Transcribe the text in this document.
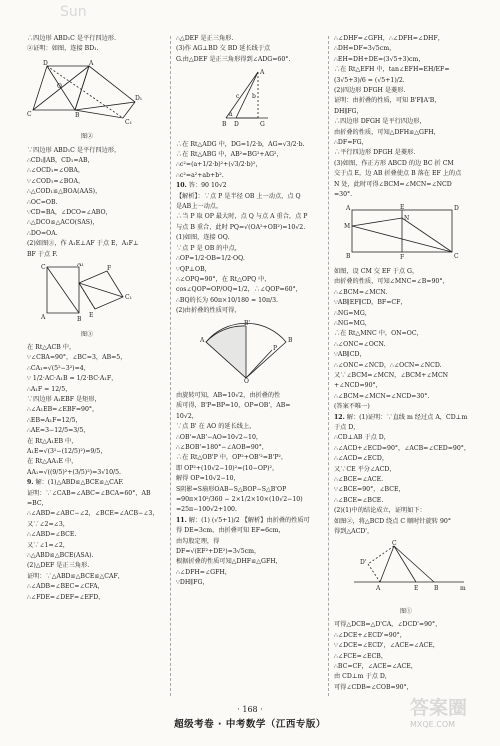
Sun

∴四边形 ABD₁C 是平行四边形.

②证明：如图，连接 BD₁.

D	A
C	B
O
D₁
C₁
图②

∵四边形 ABD₁C 是平行四边形，

∴CD₁∥AB，CD₁=AB，

∴∠OCD₁=∠OBA，

∵∠COD₁=∠BOA，

∴△COD₁≌△BOA(AAS)，

∴OC=OB.

∵CD=BA，∠DCO=∠ABO，

∴△DCO≌△ACO(SAS)，

∴DO=OA.

(2)如图③，作 A₁E⊥AF 于点 E，A₁F⊥

BF 于点 F.

C	A₁
A	B
F
C₁
E
图③

在 Rt△ACB 中，

∵∠CBA=90°，∠BC=3，AB=5，

∴CA₁=√(5²−3²)=4，

∵ 1/2·AC·A₁B = 1/2·BC·A₁F，

∴A₁F = 12/5，

∵四边形 A₁EBF 是矩形，

∴∠A₁EB=∠EBF=90°，

∴EB=A₁F=12/5，

∴AE=3−12/5=3/5，

在 Rt△A₁EB 中，

A₁E=√(3²−(12/5)²)=9/5，

在 Rt△AA₁E 中，

AA₁=√((9/5)²+(3/5)²)=3√10/5.

9. 解：(1)△ABD≌△BCE≌△CAF.

证明：∵∠CAB=∠ABC=∠BCA=60°，AB

=BC，

∴∠ABD=∠ABC−∠2，∠BCE=∠ACB−∠3，

又∵∠2=∠3，

∴∠ABD=∠BCE.

又∵∠1=∠2，

∴△ABD≌△BCE(ASA).

(2)△DEF 是正三角形.

证明：∵△ABD≌△BCE≌△CAF，

∴∠ADB=∠BEC=∠CFA，

∴∠FDE=∠DEF=∠EFD，

∴△DEF 是正三角形.

(3)作 AG⊥BD 交 BD 延长线于点

G.由△DEF 是正三角形得到∠ADG=60°.

A
B D	G
c b
a

∴在 Rt△ADG 中，DG=1/2·b，AG=√3/2·b.

∴在 Rt△ABG 中，AB²=BG²+AG²，

∴c²=(a+1/2·b)²+(√3/2·b)²，

∴c²=a²+ab+b².

10. 答：90 10√2

【解析】：∵点 P 是半径 OB 上一动点，点 Q

是AB上一动点，

∴当 P 取 OP 最大时，点 Q 与点 A 重合，点 P

与点 B 重合，此时 PQ=√(OA²+OB²)=10√2.

(1)如图，连接 OQ.

∵点 P 是 OB 的中点，

∴OP=1/2·OB=1/2·OQ.

∵QP⊥OB，

∴∠OPQ=90°，在 Rt△OPQ 中，

cos∠QOP=OP/OQ=1/2，∴∠QOP=60°，

∴BQ的长为 60π×10/180 = 10π/3.

(2)由折叠的性质可得，

A	B
B'
O
P

由旋转可知，AB=10√2，由折叠的性

质可得，B'P=BP=10，OP=OB'，AB=

10√2，

∵点 B' 在 AO 的延长线上，

∴OB'=AB'−AO=10√2−10，

∴∠BOB'=180°−∠AOB=90°，

∴在 Rt△OB'P 中，OP²+OB'²=B'P²，

即 OP²+(10√2−10)²=(10−OP)²，

解得 OP=10√2−10，

S阴影=S扇形OAB−S△BOP−S△B'OP

=90π×10²/360 − 2×1/2×10×(10√2−10)

=25π−100√2+100.

11. 解：(1) (√5+1)/2 【解析】由折叠的性质可

得 DE=3cm，由折叠可知 EF=6cm，

由勾股定理，得

DF=√(EF²+DE²)=3√5cm，

根据折叠的性质可知△DHF≌△GFH，

∴∠DFH=∠GFH，

∵DH∥FG，

∴∠DHF=∠GFH，∴∠DFH=∠DHF，

∴DH=DF=3√5cm，

∴EH=DH+DE=(3√5+3)cm，

∴在 Rt△EFH 中，tan∠EFH=EH/EF=

(3√5+3)/6 = (√5+1)/2.

(2)四边形 DFGH 是菱形.

证明：由折叠的性质，可知 B'F∥A'B，

DH∥FG，

∴四边形 DFGH 是平行四边形，

由折叠的性质，可知△DFH≌△GFH，

∴DF=FG，

∴平行四边形 DFGH 是菱形.

(3)如图，作正方形 ABCD 的边 BC 折 CM

交于点 E，边 AB 折叠使点 B 落在 EF 上的点

N 处，此时可得∠BCM=∠MCN=∠NCD

=30°.

A	D
B	C
E
F
M
N

如图，设 CM 交 EF 于点 G，

由折叠的性质，可知∠MNC=∠B=90°，

∴∠BCM=∠MCN.

∵AB∥EF∥CD，BF=CF，

∴NG=MG，

∴NG=MG，

∴在 Rt△MNC 中，ON=OC，

∴∠ONC=∠OCN.

∵AB∥CD，

∴∠ONC=∠NCD，∴∠OCN=∠NCD.

又∵∠BCM=∠MCN，∠BCM+∠MCN

+∠NCD=90°，

∴∠BCM=∠MCN=∠NCD=30°.

(答案不唯一)

12. 解：(1)证明：∵直线 m 经过点 A，CD⊥m

于点 D，

∴CD⊥AB 于点 D，

∴∠ACD+∠ECD=90°，∠ACB=∠CED=90°，

∴∠ACD=∠ECD，

又∵CE 平分∠ACD，

∴∠BCE=∠ACE.

∵∠BCE=90°，∠BCE，

∴∠BCE=∠BCE.

(2)(1)中的结论成立，证明如下：

如图②，将△BCD 绕点 C 顺时针旋转 90°

得到△ACD'，

C
D'
A	E	B	m
图①

可得△DCB=△D'CA，∠DCD'=90°，

∴∠DCE+∠ECD'=90°，

∵∠DCE=∠ECD'，∠ACE=∠ACE，

∴∠FCE=∠ECB，

∴BC=CF，∠ACE=∠ACE，

由 CD⊥m 于点 D，

可得∠CDB=∠COB=90°，

· 168 ·
超级考卷 · 中考数学（江西专版）
答案圈
MXQE.COM
